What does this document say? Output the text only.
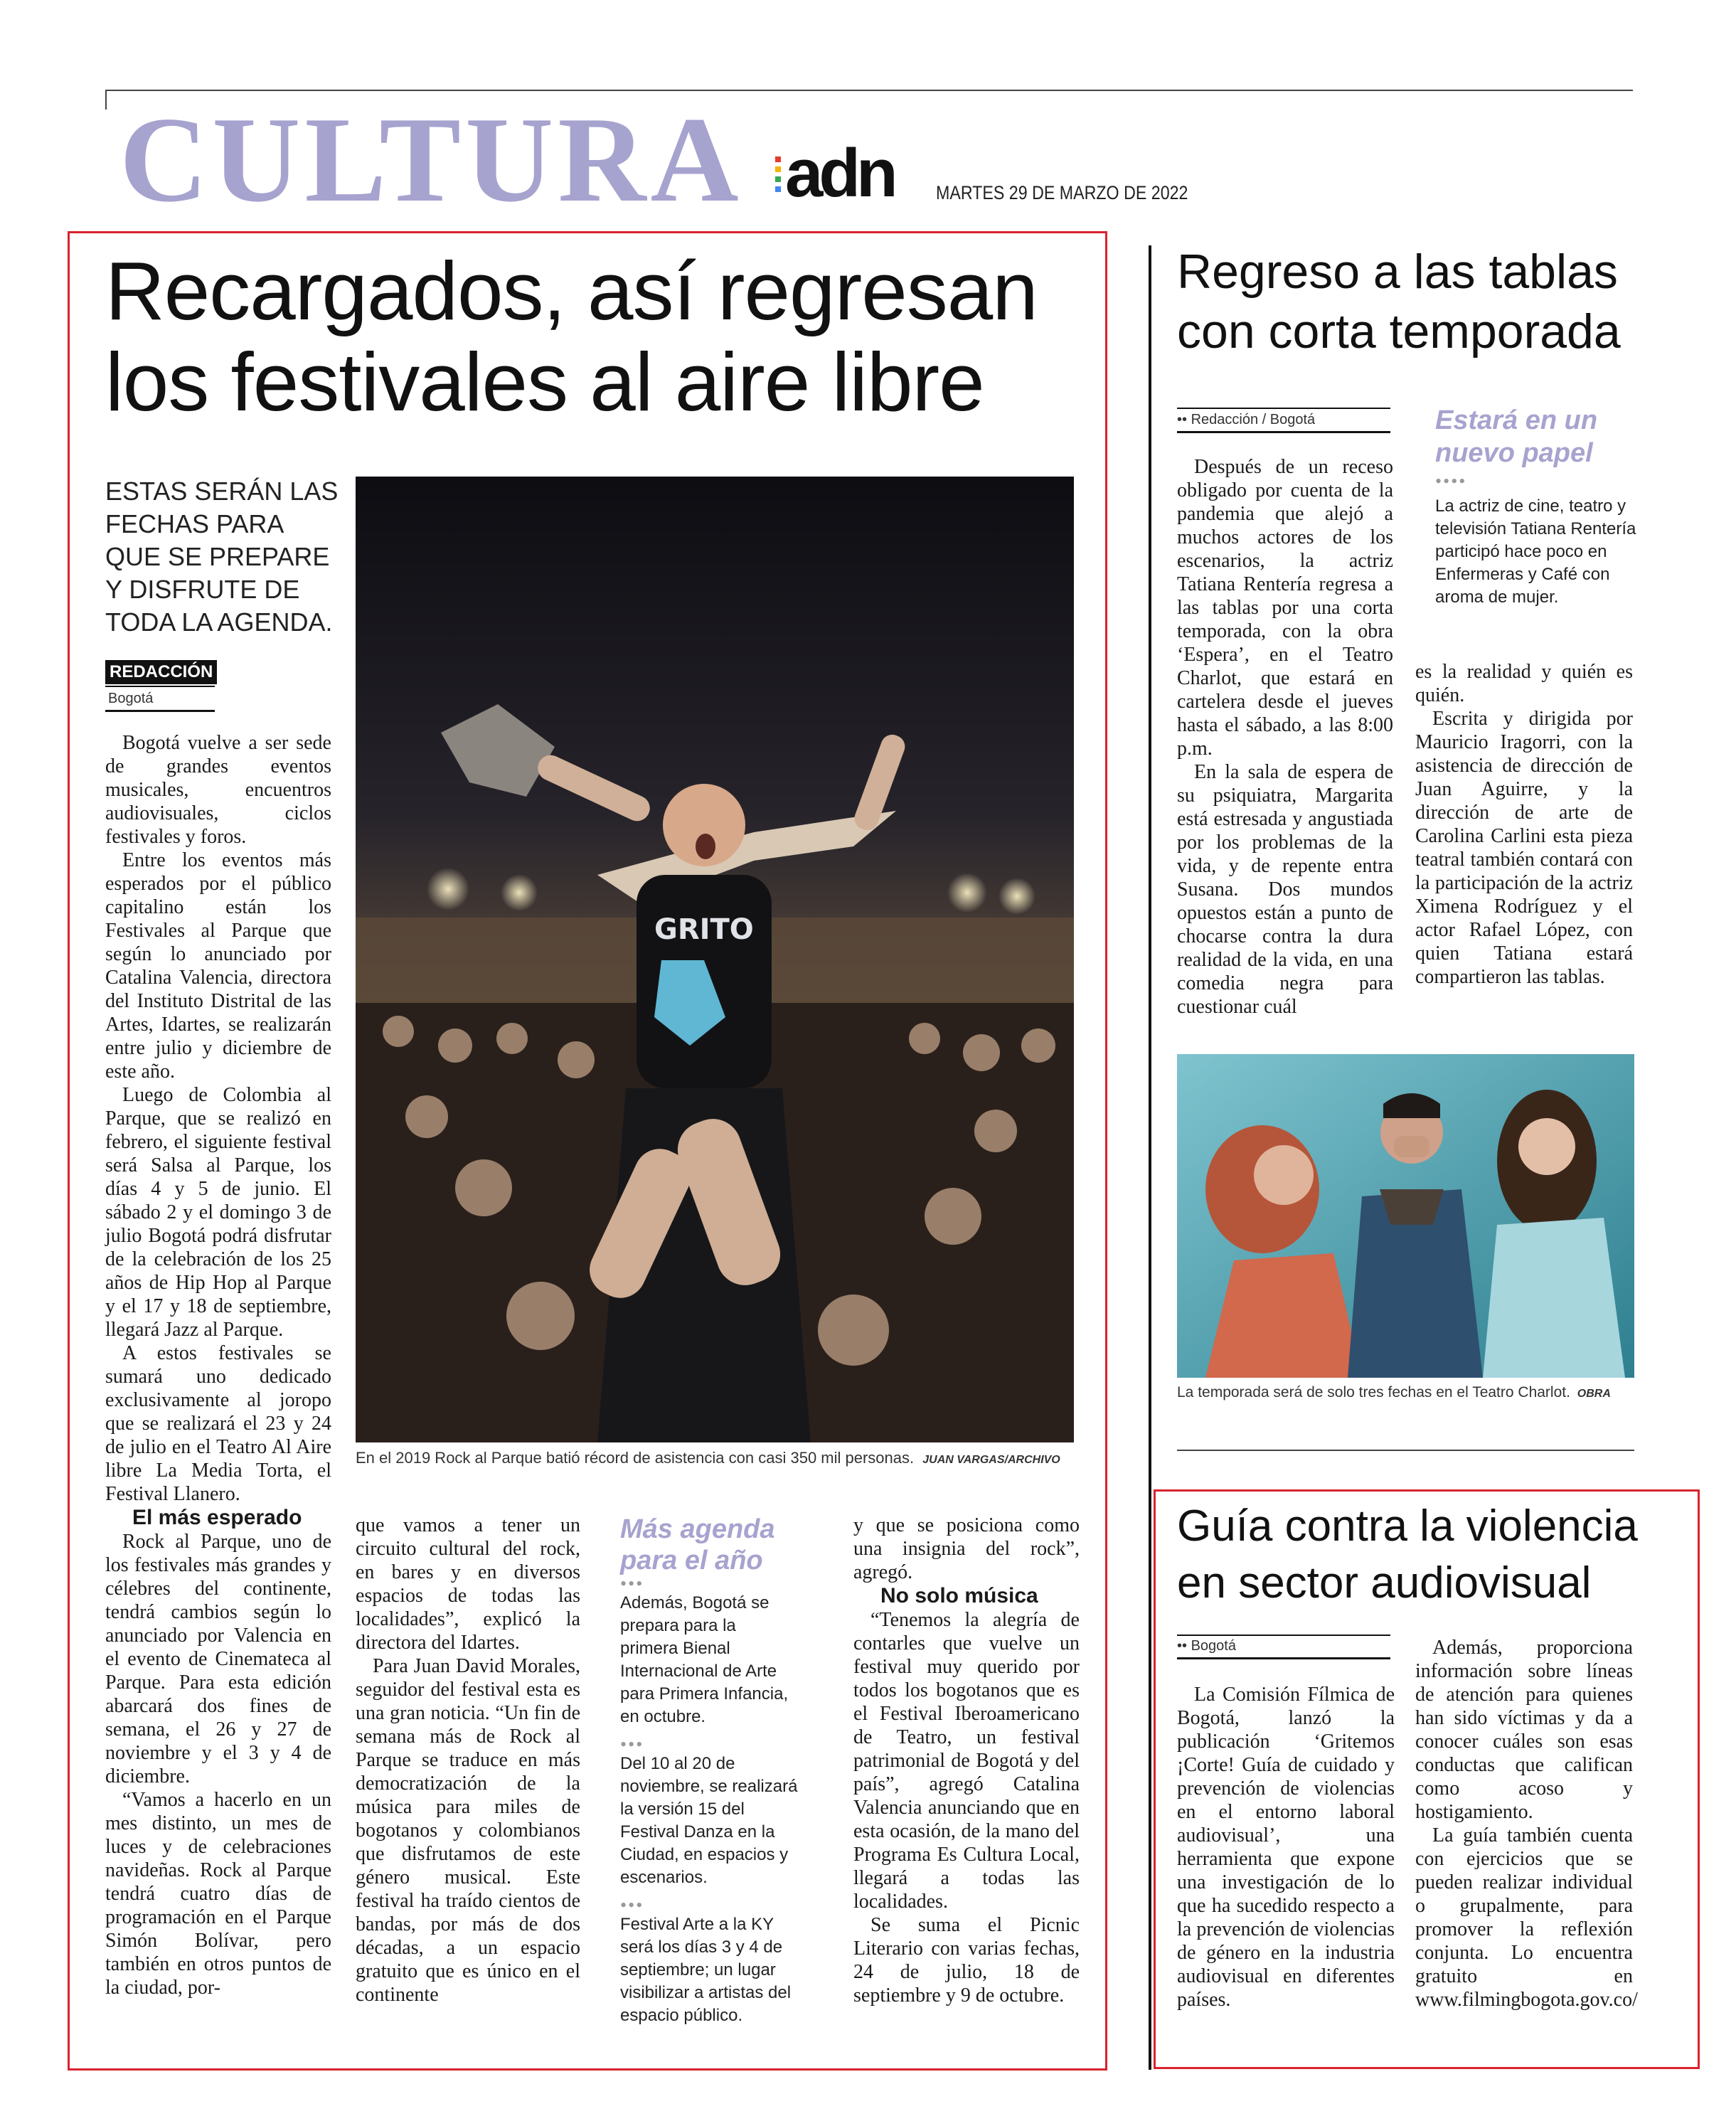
CULTURA adn MARTES 29 DE MARZO DE 2022
Recargados, así regresan los festivales al aire libre
ESTAS SERÁN LAS FECHAS PARA QUE SE PREPARE Y DISFRUTE DE TODA LA AGENDA.
REDACCIÓN
Bogotá
GRITO
En el 2019 Rock al Parque batió récord de asistencia con casi 350 mil personas. JUAN VARGAS/ARCHIVO

Bogotá vuelve a ser sede de grandes eventos musicales, encuentros audiovisuales, ciclos festivales y foros.

Entre los eventos más esperados por el público capitalino están los Festivales al Parque que según lo anunciado por Catalina Valencia, directora del Instituto Distrital de las Artes, Idartes, se realizarán entre julio y diciembre de este año.

Luego de Colombia al Parque, que se realizó en febrero, el siguiente festival será Salsa al Parque, los días 4 y 5 de junio. El sábado 2 y el domingo 3 de julio Bogotá podrá disfrutar de la celebración de los 25 años de Hip Hop al Parque y el 17 y 18 de septiembre, llegará Jazz al Parque.

A estos festivales se sumará uno dedicado exclusivamente al joropo que se realizará el 23 y 24 de julio en el Teatro Al Aire libre La Media Torta, el Festival Llanero.

El más esperado

Rock al Parque, uno de los festivales más grandes y célebres del continente, tendrá cambios según lo anunciado por Valencia en el evento de Cinemateca al Parque. Para esta edición abarcará dos fines de semana, el 26 y 27 de noviembre y el 3 y 4 de diciembre.

“Vamos a hacerlo en un mes distinto, un mes de luces y de celebraciones navideñas. Rock al Parque tendrá cuatro días de programación en el Parque Simón Bolívar, pero también en otros puntos de la ciudad, por-

que vamos a tener un circuito cultural del rock, en bares y en diversos espacios de todas las localidades”, explicó la directora del Idartes.

Para Juan David Morales, seguidor del festival esta es una gran noticia. “Un fin de semana más de Rock al Parque se traduce en más democratización de la música para miles de bogotanos y colombianos que disfrutamos de este género musical. Este festival ha traído cientos de bandas, por más de dos décadas, a un espacio gratuito que es único en el continente

Más agenda para el año
•••
Además, Bogotá se prepara para la primera Bienal Internacional de Arte para Primera Infancia, en octubre.
•••
Del 10 al 20 de noviembre, se realizará la versión 15 del Festival Danza en la Ciudad, en espacios y escenarios.
•••
Festival Arte a la KY será los días 3 y 4 de septiembre; un lugar visibilizar a artistas del espacio público.

y que se posiciona como una insignia del rock”, agregó.

No solo música

“Tenemos la alegría de contarles que vuelve un festival muy querido por todos los bogotanos que es el Festival Iberoamericano de Teatro, un festival patrimonial de Bogotá y del país”, agregó Catalina Valencia anunciando que en esta ocasión, de la mano del Programa Es Cultura Local, llegará a todas las localidades.

Se suma el Picnic Literario con varias fechas, 24 de julio, 18 de septiembre y 9 de octubre.

Regreso a las tablas con corta temporada
•• Redacción / Bogotá

Después de un receso obligado por cuenta de la pandemia que alejó a muchos actores de los escenarios, la actriz Tatiana Rentería regresa a las tablas por una corta temporada, con la obra ‘Espera’, en el Teatro Charlot, que estará en cartelera desde el jueves hasta el sábado, a las 8:00 p.m.

En la sala de espera de su psiquiatra, Margarita está estresada y angustiada por los problemas de la vida, y de repente entra Susana. Dos mundos opuestos están a punto de chocarse contra la dura realidad de la vida, en una comedia negra para cuestionar cuál

Estará en un nuevo papel
••••
La actriz de cine, teatro y televisión Tatiana Rentería participó hace poco en Enfermeras y Café con aroma de mujer.

es la realidad y quién es quién.

Escrita y dirigida por Mauricio Iragorri, con la asistencia de dirección de Juan Aguirre, y la dirección de arte de Carolina Carlini esta pieza teatral también contará con la participación de la actriz Ximena Rodríguez y el actor Rafael López, con quien Tatiana estará compartieron las tablas.

La temporada será de solo tres fechas en el Teatro Charlot. OBRA
Guía contra la violencia en sector audiovisual
•• Bogotá

La Comisión Fílmica de Bogotá, lanzó la publicación ‘Gritemos ¡Corte! Guía de cuidado y prevención de violencias en el entorno laboral audiovisual’, una herramienta que expone una investigación de lo que ha sucedido respecto a la prevención de violencias de género en la industria audiovisual en diferentes países.

Además, proporciona información sobre líneas de atención para quienes han sido víctimas y da a conocer cuáles son esas conductas que califican como acoso y hostigamiento.

La guía también cuenta con ejercicios que se pueden realizar individual o grupalmente, para promover la reflexión conjunta. Lo encuentra gratuito en www.filmingbogota.gov.co/
